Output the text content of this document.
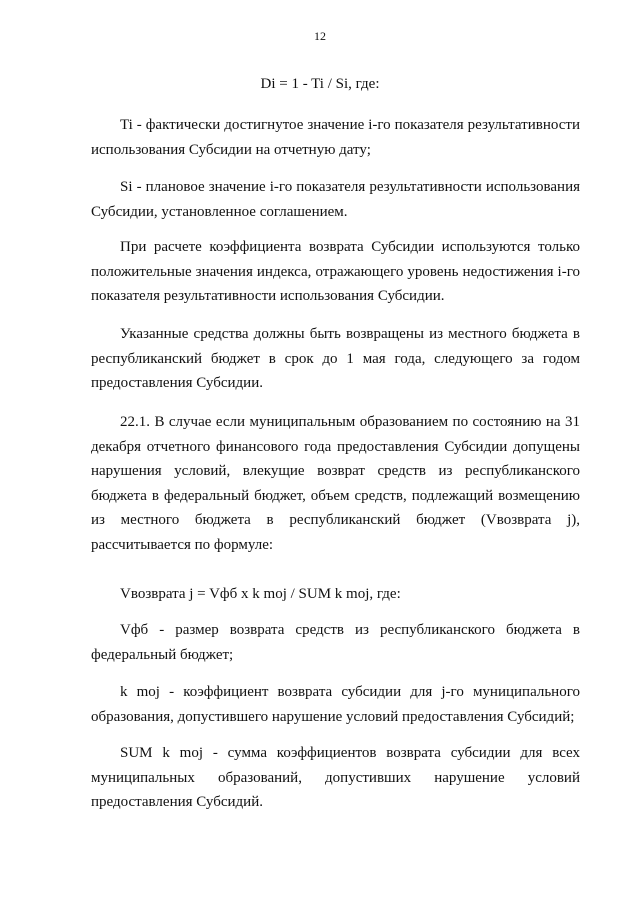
12
Di = 1 - Ti / Si, где:

Ti - фактически достигнутое значение i-го показателя результативности использования Субсидии на отчетную дату;

Si - плановое значение i-го показателя результативности использования Субсидии, установленное соглашением.

При расчете коэффициента возврата Субсидии используются только положительные значения индекса, отражающего уровень недостижения i-го показателя результативности использования Субсидии.

Указанные средства должны быть возвращены из местного бюджета в республиканский бюджет в срок до 1 мая года, следующего за годом предоставления Субсидии.

22.1. В случае если муниципальным образованием по состоянию на 31 декабря отчетного финансового года предоставления Субсидии допущены нарушения условий, влекущие возврат средств из республиканского бюджета в федеральный бюджет, объем средств, подлежащий возмещению из местного бюджета в республиканский бюджет (Vвозврата j), рассчитывается по формуле:

Vвозврата j = Vфб x k moj / SUM k moj, где:

Vфб - размер возврата средств из республиканского бюджета в федеральный бюджет;

k moj - коэффициент возврата субсидии для j-го муниципального образования, допустившего нарушение условий предоставления Субсидий;

SUM k moj - сумма коэффициентов возврата субсидии для всех муниципальных образований, допустивших нарушение условий предоставления Субсидий.
